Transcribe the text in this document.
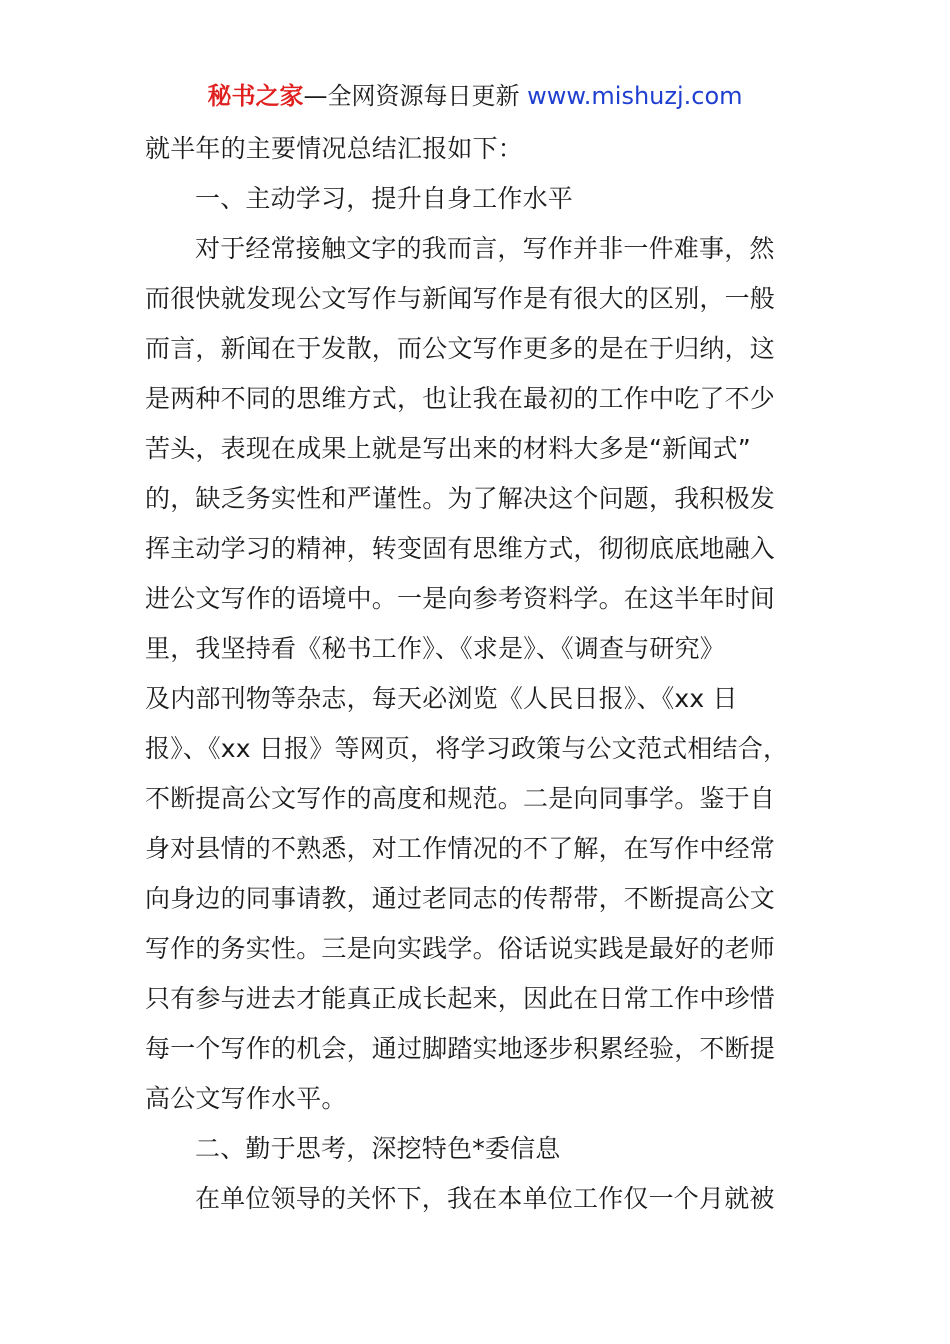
秘书之家—全网资源每日更新 www.mishuzj.com
就半年的主要情况总结汇报如下：
一、主动学习，提升自身工作水平
对于经常接触文字的我而言，写作并非一件难事，然
而很快就发现公文写作与新闻写作是有很大的区别，一般
而言，新闻在于发散，而公文写作更多的是在于归纳，这
是两种不同的思维方式，也让我在最初的工作中吃了不少
苦头，表现在成果上就是写出来的材料大多是“新闻式”
的，缺乏务实性和严谨性。为了解决这个问题，我积极发
挥主动学习的精神，转变固有思维方式，彻彻底底地融入
进公文写作的语境中。一是向参考资料学。在这半年时间
里，我坚持看《秘书工作》、《求是》、《调查与研究》
及内部刊物等杂志，每天必浏览《人民日报》、《xx 日
报》、《xx 日报》等网页，将学习政策与公文范式相结合，
不断提高公文写作的高度和规范。二是向同事学。鉴于自
身对县情的不熟悉，对工作情况的不了解，在写作中经常
向身边的同事请教，通过老同志的传帮带，不断提高公文
写作的务实性。三是向实践学。俗话说实践是最好的老师
只有参与进去才能真正成长起来，因此在日常工作中珍惜
每一个写作的机会，通过脚踏实地逐步积累经验，不断提
高公文写作水平。
二、勤于思考，深挖特色*委信息
在单位领导的关怀下，我在本单位工作仅一个月就被
